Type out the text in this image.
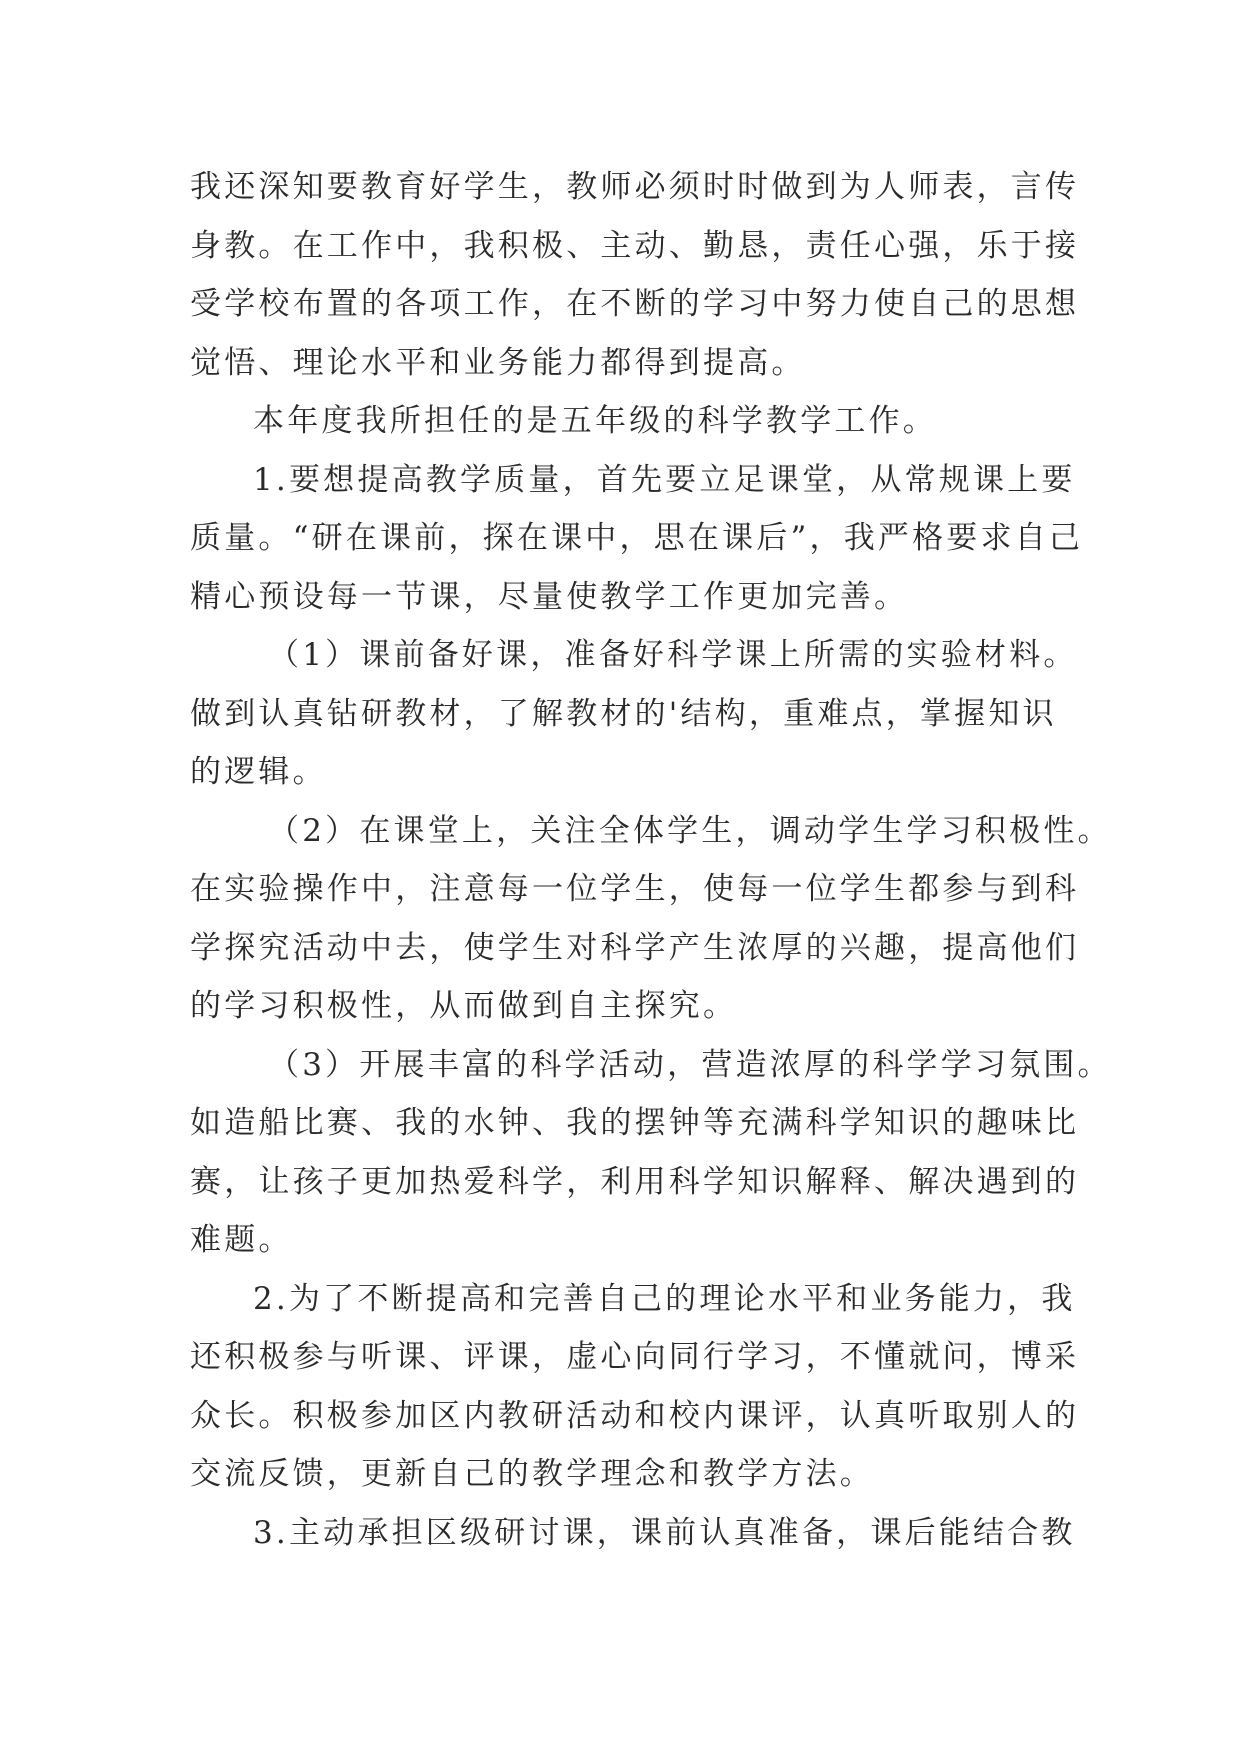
我还深知要教育好学生，教师必须时时做到为人师表，言传
身教。在工作中，我积极、主动、勤恳，责任心强，乐于接
受学校布置的各项工作，在不断的学习中努力使自己的思想
觉悟、理论水平和业务能力都得到提高。
本年度我所担任的是五年级的科学教学工作。
1.要想提高教学质量，首先要立足课堂，从常规课上要
质量。“研在课前，探在课中，思在课后”，我严格要求自己
精心预设每一节课，尽量使教学工作更加完善。
（1）课前备好课，准备好科学课上所需的实验材料。
做到认真钻研教材，了解教材的'结构，重难点，掌握知识
的逻辑。
（2）在课堂上，关注全体学生，调动学生学习积极性。
在实验操作中，注意每一位学生，使每一位学生都参与到科
学探究活动中去，使学生对科学产生浓厚的兴趣，提高他们
的学习积极性，从而做到自主探究。
（3）开展丰富的科学活动，营造浓厚的科学学习氛围。
如造船比赛、我的水钟、我的摆钟等充满科学知识的趣味比
赛，让孩子更加热爱科学，利用科学知识解释、解决遇到的
难题。
2.为了不断提高和完善自己的理论水平和业务能力，我
还积极参与听课、评课，虚心向同行学习，不懂就问，博采
众长。积极参加区内教研活动和校内课评，认真听取别人的
交流反馈，更新自己的教学理念和教学方法。
3.主动承担区级研讨课，课前认真准备，课后能结合教
